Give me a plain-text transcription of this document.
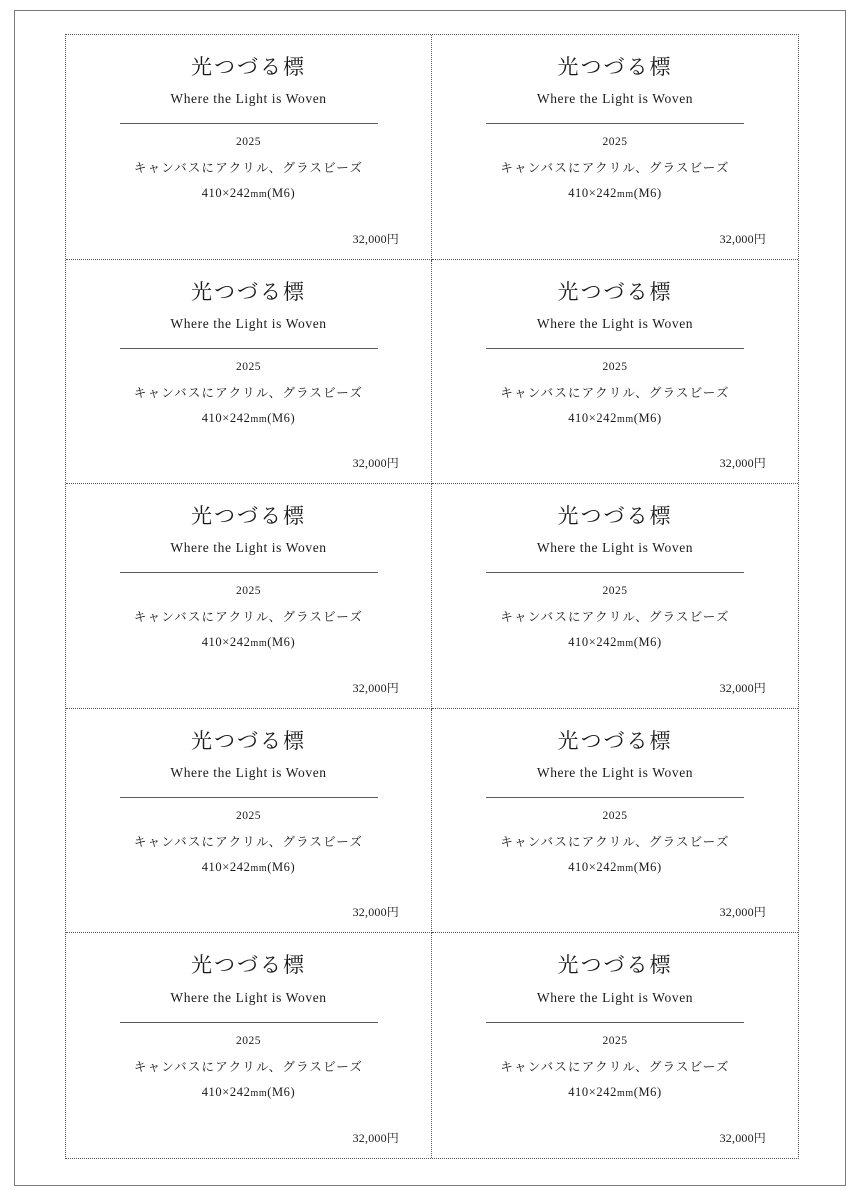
光つづる標
Where the Light is Woven
2025
キャンバスにアクリル、グラスビーズ
410×242mm(M6)
32,000円
光つづる標
Where the Light is Woven
2025
キャンバスにアクリル、グラスビーズ
410×242mm(M6)
32,000円
光つづる標
Where the Light is Woven
2025
キャンバスにアクリル、グラスビーズ
410×242mm(M6)
32,000円
光つづる標
Where the Light is Woven
2025
キャンバスにアクリル、グラスビーズ
410×242mm(M6)
32,000円
光つづる標
Where the Light is Woven
2025
キャンバスにアクリル、グラスビーズ
410×242mm(M6)
32,000円
光つづる標
Where the Light is Woven
2025
キャンバスにアクリル、グラスビーズ
410×242mm(M6)
32,000円
光つづる標
Where the Light is Woven
2025
キャンバスにアクリル、グラスビーズ
410×242mm(M6)
32,000円
光つづる標
Where the Light is Woven
2025
キャンバスにアクリル、グラスビーズ
410×242mm(M6)
32,000円
光つづる標
Where the Light is Woven
2025
キャンバスにアクリル、グラスビーズ
410×242mm(M6)
32,000円
光つづる標
Where the Light is Woven
2025
キャンバスにアクリル、グラスビーズ
410×242mm(M6)
32,000円
